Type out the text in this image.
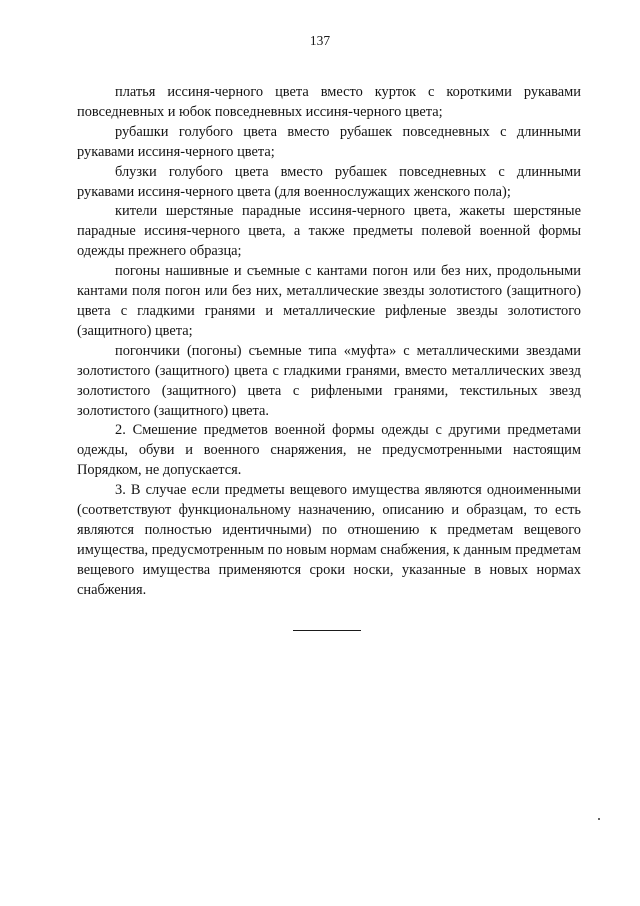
137

платья иссиня-черного цвета вместо курток с короткими рукавами повседневных и юбок повседневных иссиня-черного цвета;

рубашки голубого цвета вместо рубашек повседневных с длинными рукавами иссиня-черного цвета;

блузки голубого цвета вместо рубашек повседневных с длинными рукавами иссиня-черного цвета (для военнослужащих женского пола);

кители шерстяные парадные иссиня-черного цвета, жакеты шерстяные парадные иссиня-черного цвета, а также предметы полевой военной формы одежды прежнего образца;

погоны нашивные и съемные с кантами погон или без них, продольными кантами поля погон или без них, металлические звезды золотистого (защитного) цвета с гладкими гранями и металлические рифленые звезды золотистого (защитного) цвета;

погончики (погоны) съемные типа «муфта» с металлическими звездами золотистого (защитного) цвета с гладкими гранями, вместо металлических звезд золотистого (защитного) цвета с рифлеными гранями, текстильных звезд золотистого (защитного) цвета.

2. Смешение предметов военной формы одежды с другими предметами одежды, обуви и военного снаряжения, не предусмотренными настоящим Порядком, не допускается.

3. В случае если предметы вещевого имущества являются одноименными (соответствуют функциональному назначению, описанию и образцам, то есть являются полностью идентичными) по отношению к предметам вещевого имущества, предусмотренным по новым нормам снабжения, к данным предметам вещевого имущества применяются сроки носки, указанные в новых нормах снабжения.
